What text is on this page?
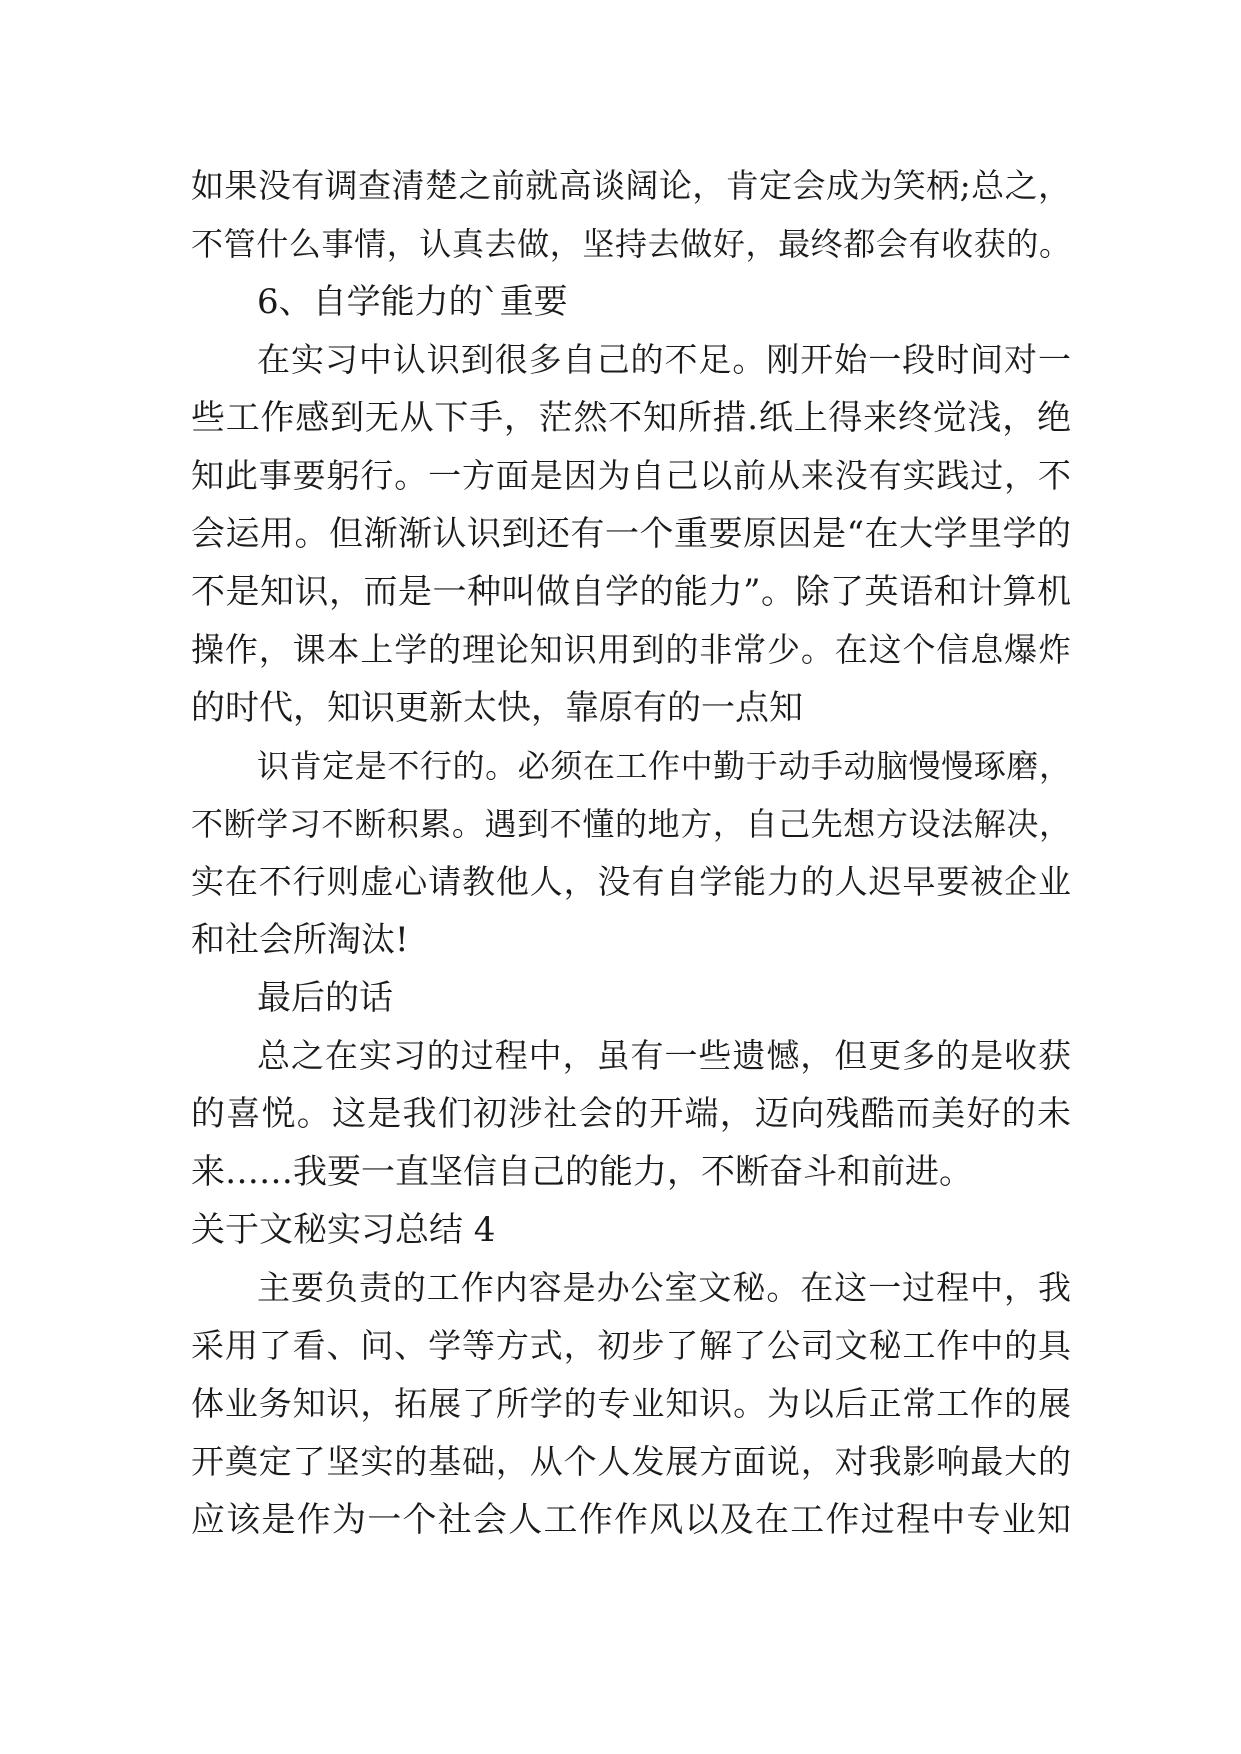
如果没有调查清楚之前就高谈阔论，肯定会成为笑柄;总之，
不管什么事情，认真去做，坚持去做好，最终都会有收获的。
6、自学能力的`重要
在实习中认识到很多自己的不足。刚开始一段时间对一
些工作感到无从下手，茫然不知所措.纸上得来终觉浅，绝
知此事要躬行。一方面是因为自己以前从来没有实践过，不
会运用。但渐渐认识到还有一个重要原因是“在大学里学的
不是知识，而是一种叫做自学的能力”。除了英语和计算机
操作，课本上学的理论知识用到的非常少。在这个信息爆炸
的时代，知识更新太快，靠原有的一点知
识肯定是不行的。必须在工作中勤于动手动脑慢慢琢磨，
不断学习不断积累。遇到不懂的地方，自己先想方设法解决，
实在不行则虚心请教他人，没有自学能力的人迟早要被企业
和社会所淘汰!
最后的话
总之在实习的过程中，虽有一些遗憾，但更多的是收获
的喜悦。这是我们初涉社会的开端，迈向残酷而美好的未
来……我要一直坚信自己的能力，不断奋斗和前进。
关于文秘实习总结 4
主要负责的工作内容是办公室文秘。在这一过程中，我
采用了看、问、学等方式，初步了解了公司文秘工作中的具
体业务知识，拓展了所学的专业知识。为以后正常工作的展
开奠定了坚实的基础，从个人发展方面说，对我影响最大的
应该是作为一个社会人工作作风以及在工作过程中专业知
